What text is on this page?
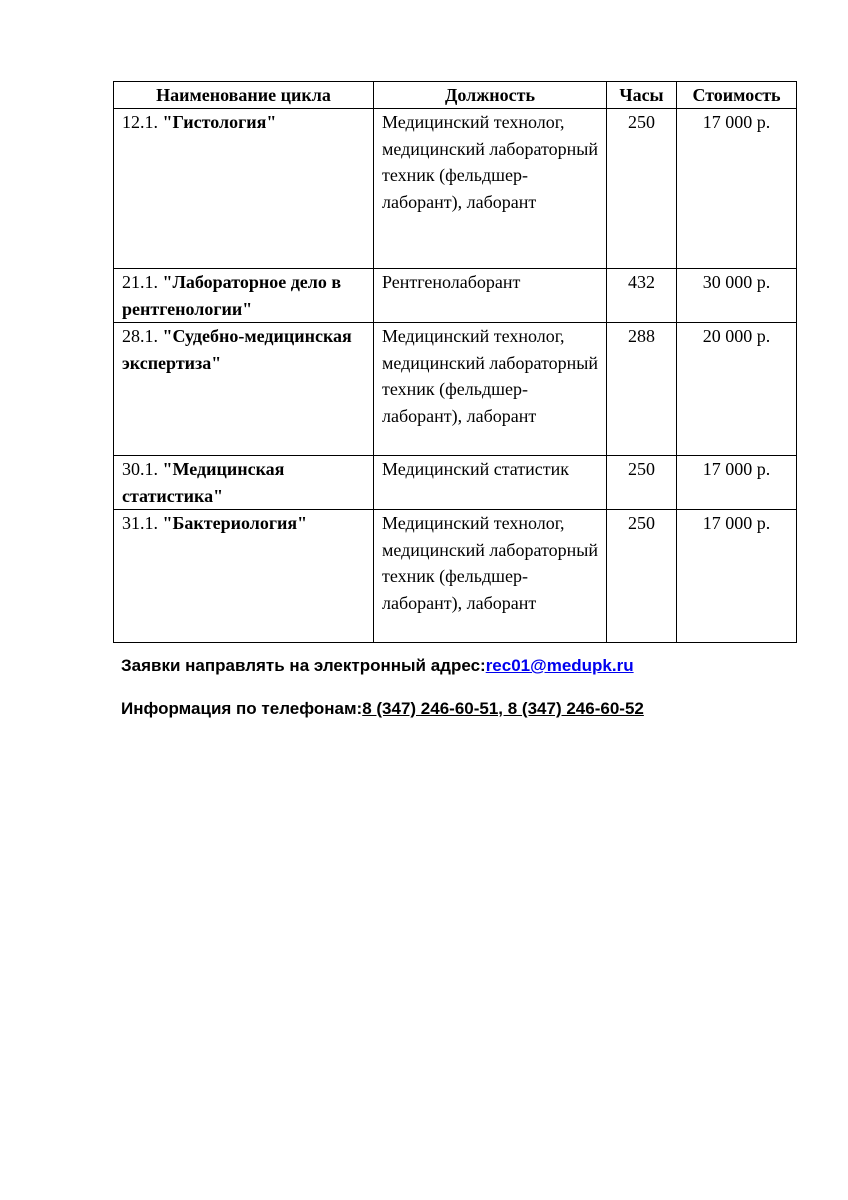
Наименование цикла	Должность	Часы	Стоимость
12.1. "Гистология"	Медицинский технолог, медицинский лабораторный техник (фельдшер-лаборант), лаборант	250	17 000 р.
21.1. "Лабораторное дело в рентгенологии"	Рентгенолаборант	432	30 000 р.
28.1. "Судебно-медицинская экспертиза"	Медицинский технолог, медицинский лабораторный техник (фельдшер-лаборант), лаборант	288	20 000 р.
30.1. "Медицинская статистика"	Медицинский статистик	250	17 000 р.
31.1. "Бактериология"	Медицинский технолог, медицинский лабораторный техник (фельдшер-лаборант), лаборант	250	17 000 р.
Заявки направлять на электронный адрес:rec01@medupk.ru
Информация по телефонам:8 (347) 246-60-51, 8 (347) 246-60-52
